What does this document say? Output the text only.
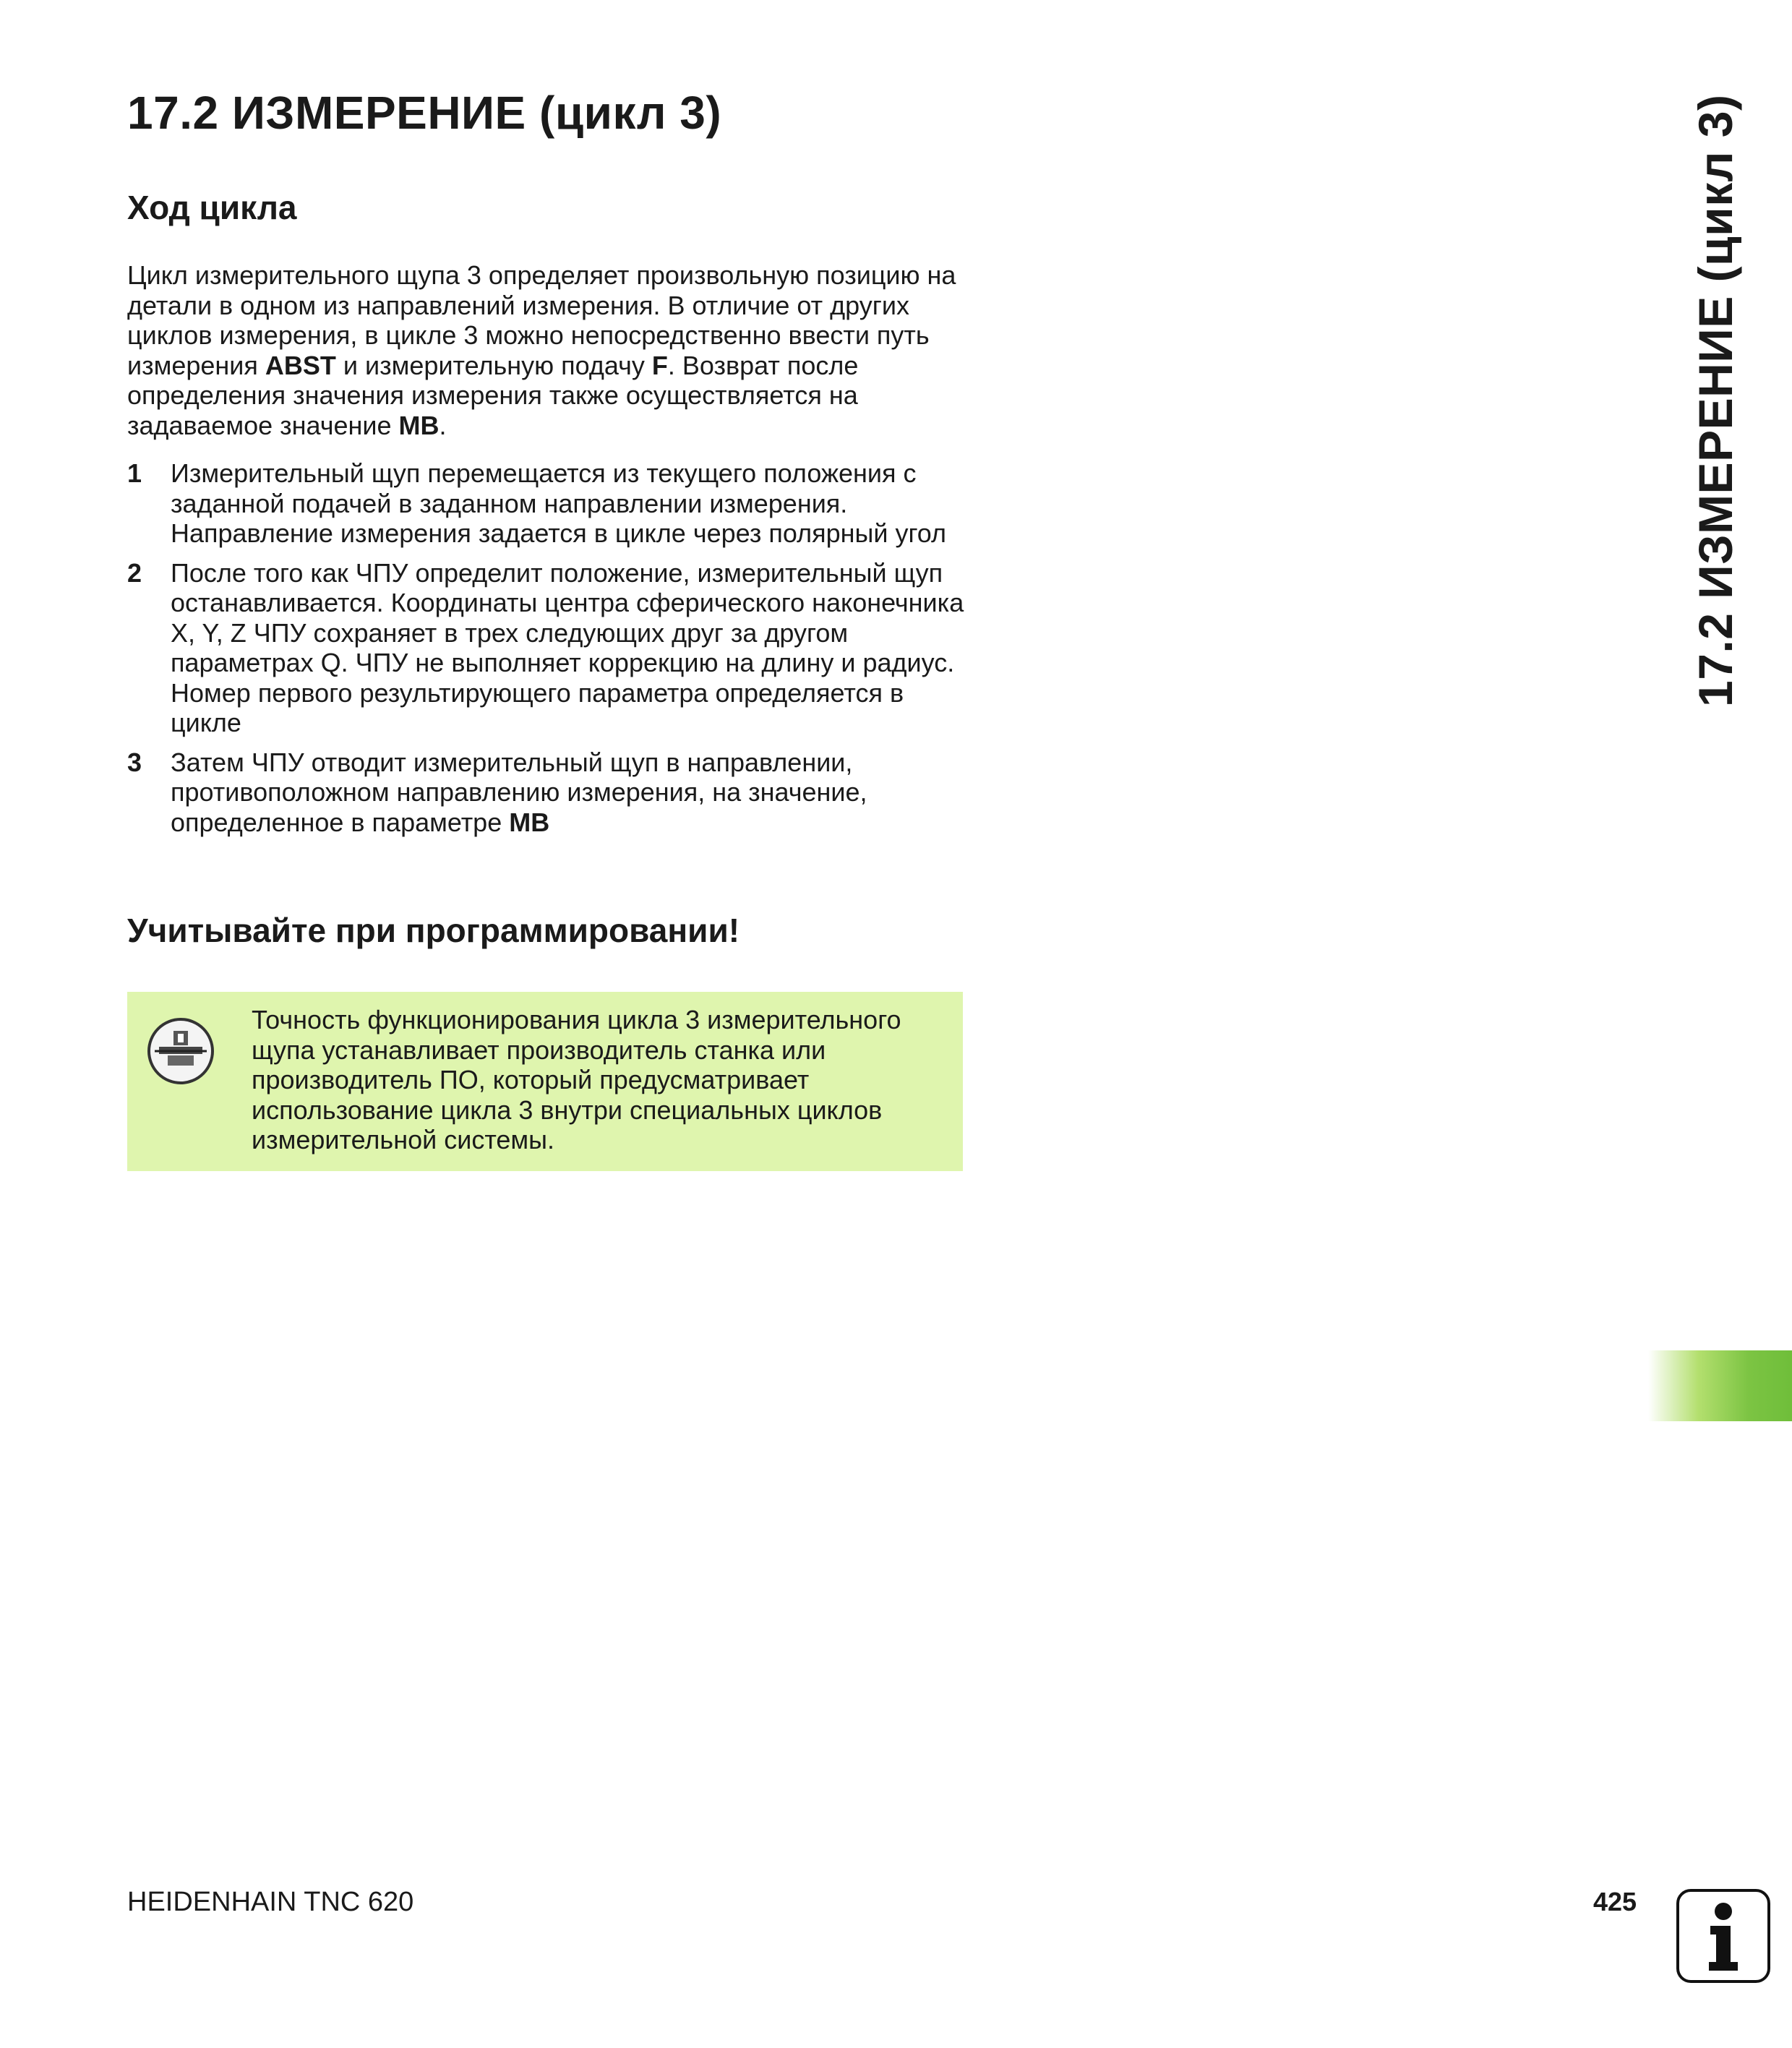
17.2 ИЗМЕРЕНИЕ (цикл 3)
Ход цикла
Цикл измерительного щупа 3 определяет произвольную позицию на детали в одном из направлений измерения. В отличие от других циклов измерения, в цикле 3 можно непосредственно ввести путь измерения ABST и измерительную подачу F. Возврат после определения значения измерения также осуществляется на задаваемое значение MB.
1 Измерительный щуп перемещается из текущего положения с заданной подачей в заданном направлении измерения. Направление измерения задается в цикле через полярный угол
2 После того как ЧПУ определит положение, измерительный щуп останавливается. Координаты центра сферического наконечника X, Y, Z ЧПУ сохраняет в трех следующих друг за другом параметрах Q. ЧПУ не выполняет коррекцию на длину и радиус. Номер первого результирующего параметра определяется в цикле
3 Затем ЧПУ отводит измерительный щуп в направлении, противоположном направлению измерения, на значение, определенное в параметре MB
Учитывайте при программировании!
Точность функционирования цикла 3 измерительного щупа устанавливает производитель станка или производитель ПО, который предусматривает использование цикла 3 внутри специальных циклов измерительной системы.
17.2 ИЗМЕРЕНИЕ (цикл 3)
HEIDENHAIN TNC 620	425
